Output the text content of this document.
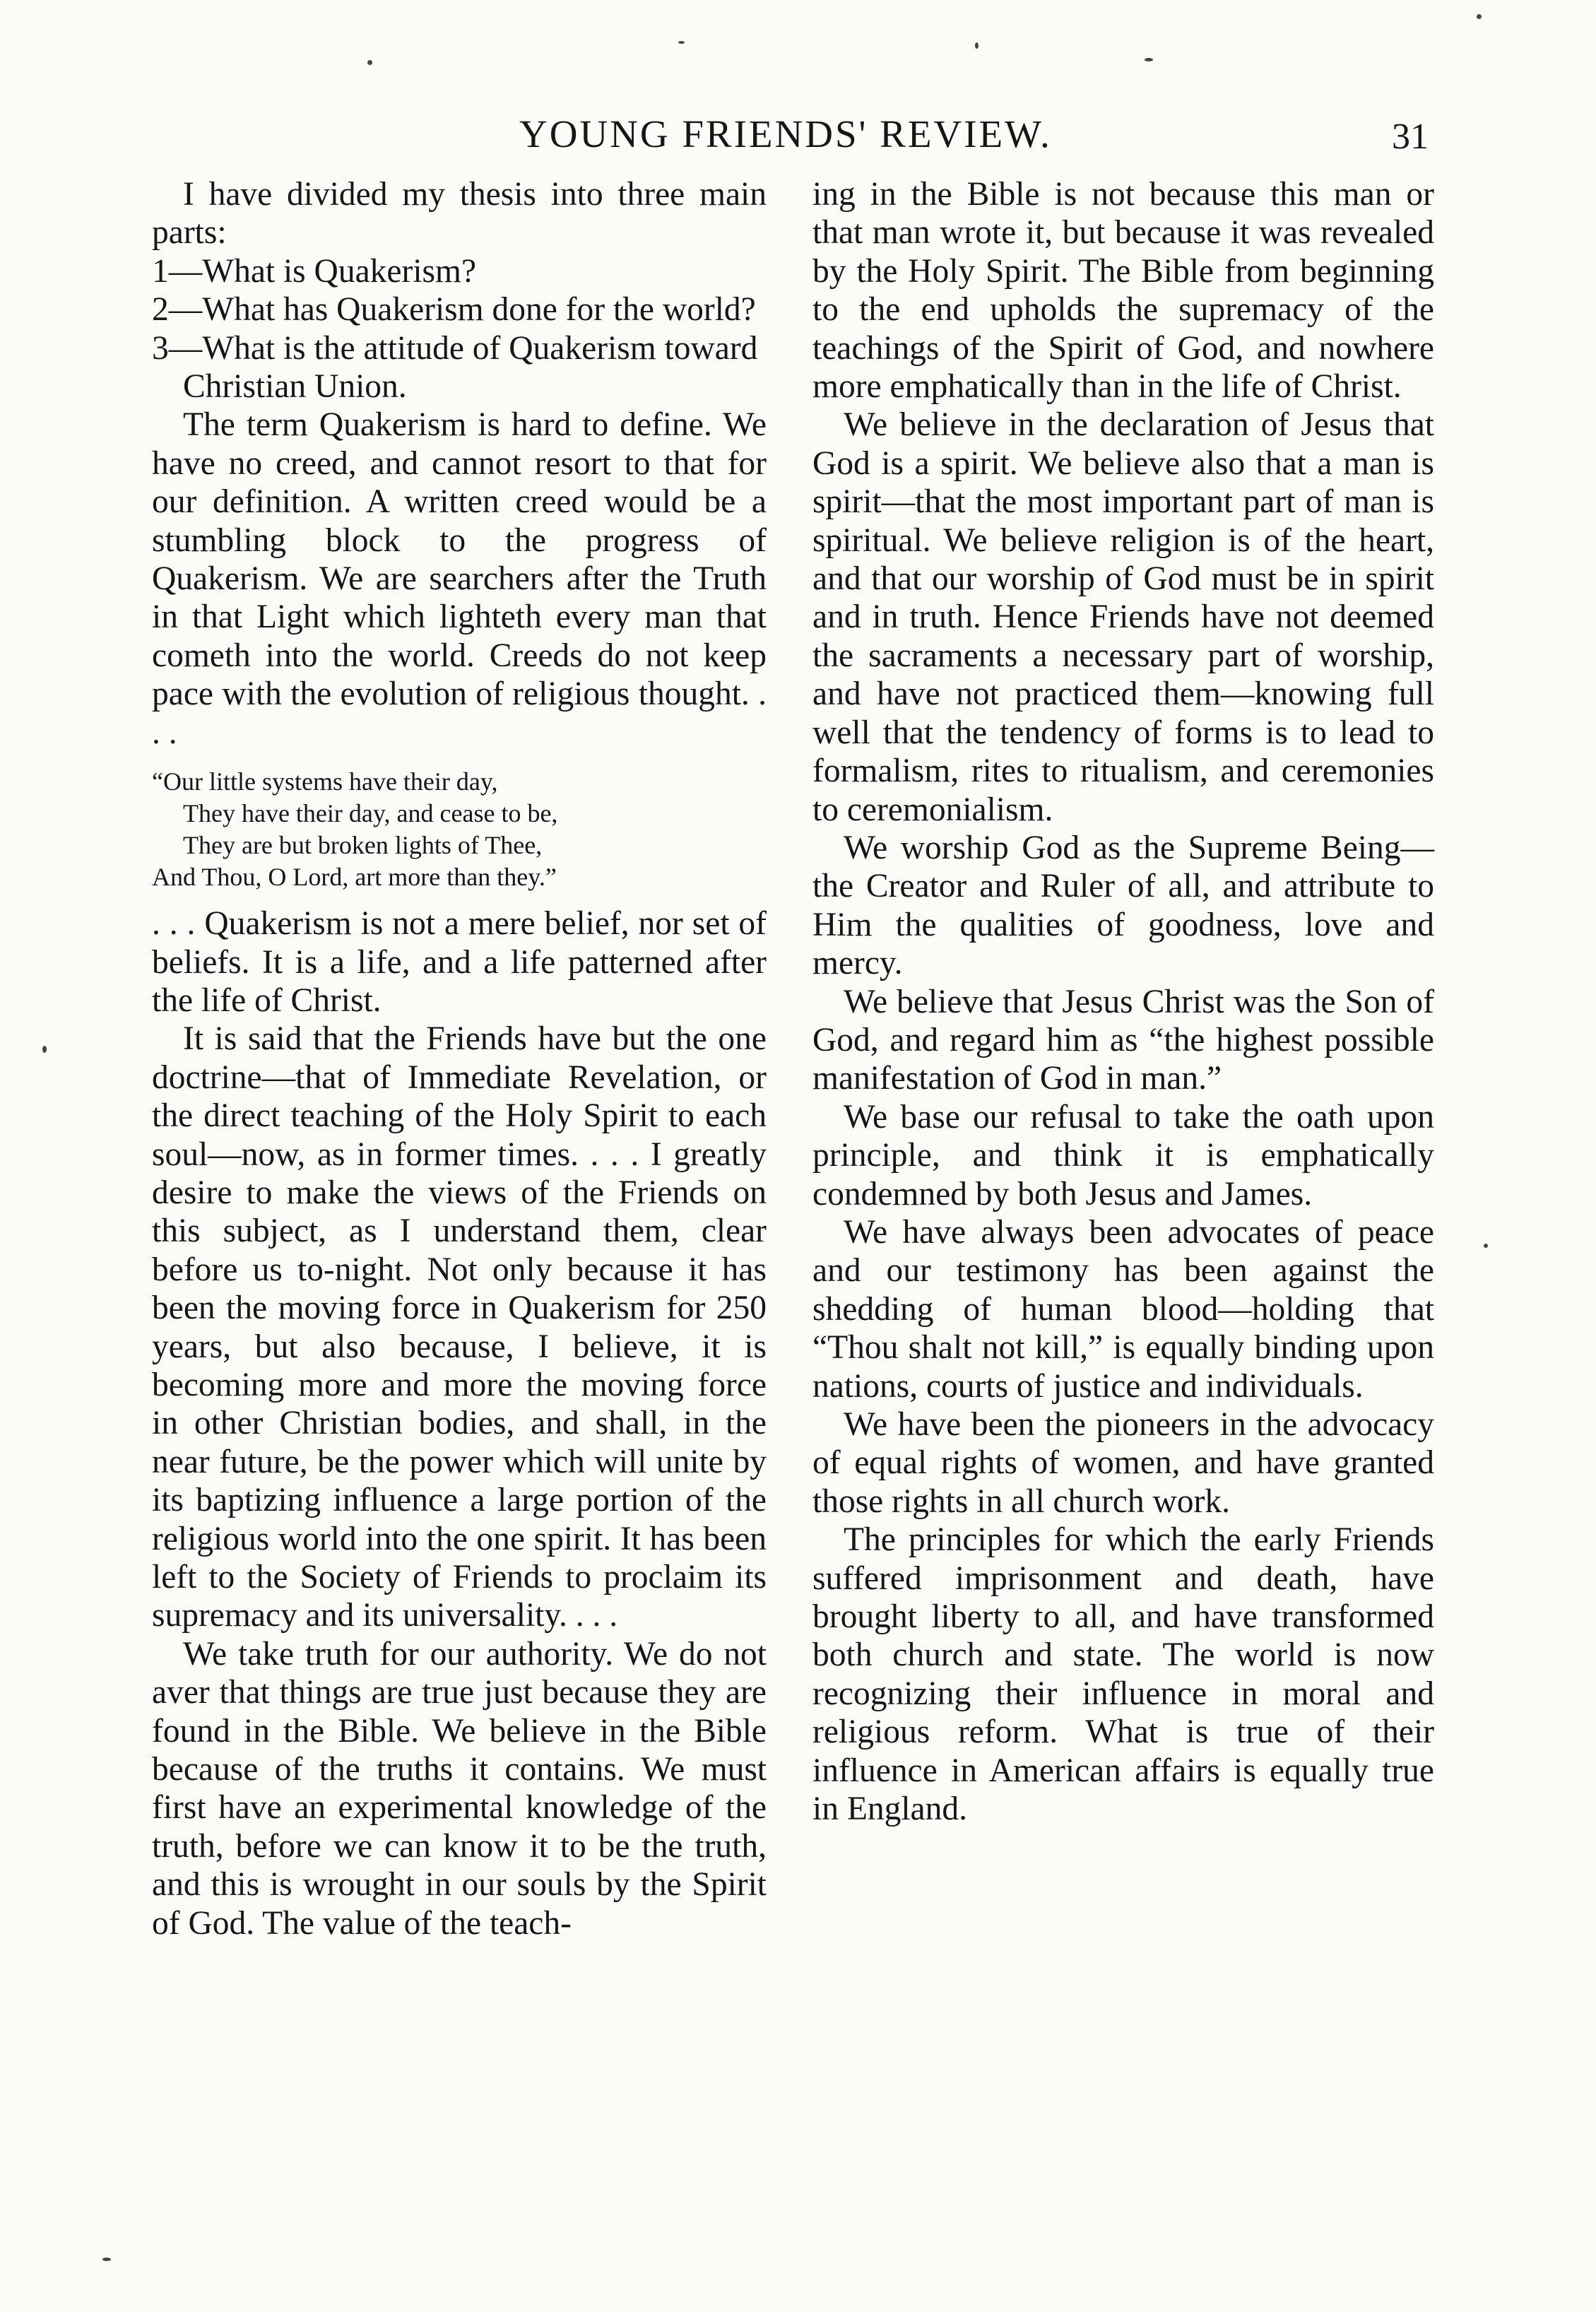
YOUNG FRIENDS' REVIEW.	31

I have divided my thesis into three main parts:

1—What is Quakerism?
2—What has Quakerism done for the world?
3—What is the attitude of Quakerism toward Christian Union.

The term Quakerism is hard to define. We have no creed, and cannot resort to that for our definition. A written creed would be a stumbling block to the progress of Quakerism. We are searchers after the Truth in that Light which lighteth every man that cometh into the world. Creeds do not keep pace with the evolution of religious thought. . . .

“Our little systems have their day,
They have their day, and cease to be,
They are but broken lights of Thee,
And Thou, O Lord, art more than they.”

. . . Quakerism is not a mere belief, nor set of beliefs. It is a life, and a life patterned after the life of Christ.

It is said that the Friends have but the one doctrine—that of Immediate Revelation, or the direct teaching of the Holy Spirit to each soul—now, as in former times. . . . I greatly desire to make the views of the Friends on this subject, as I understand them, clear before us to-night. Not only because it has been the moving force in Quakerism for 250 years, but also because, I believe, it is becoming more and more the moving force in other Christian bodies, and shall, in the near future, be the power which will unite by its baptizing influence a large portion of the religious world into the one spirit. It has been left to the Society of Friends to proclaim its supremacy and its universality. . . .

We take truth for our authority. We do not aver that things are true just because they are found in the Bible. We believe in the Bible because of the truths it contains. We must first have an experimental knowledge of the truth, before we can know it to be the truth, and this is wrought in our souls by the Spirit of God. The value of the teach-

ing in the Bible is not because this man or that man wrote it, but because it was revealed by the Holy Spirit. The Bible from beginning to the end upholds the supremacy of the teachings of the Spirit of God, and nowhere more emphatically than in the life of Christ.

We believe in the declaration of Jesus that God is a spirit. We believe also that a man is spirit—that the most important part of man is spiritual. We believe religion is of the heart, and that our worship of God must be in spirit and in truth. Hence Friends have not deemed the sacraments a necessary part of worship, and have not practiced them—knowing full well that the tendency of forms is to lead to formalism, rites to ritualism, and ceremonies to ceremonialism.

We worship God as the Supreme Being—the Creator and Ruler of all, and attribute to Him the qualities of goodness, love and mercy.

We believe that Jesus Christ was the Son of God, and regard him as “the highest possible manifestation of God in man.”

We base our refusal to take the oath upon principle, and think it is emphatically condemned by both Jesus and James.

We have always been advocates of peace and our testimony has been against the shedding of human blood—holding that “Thou shalt not kill,” is equally binding upon nations, courts of justice and individuals.

We have been the pioneers in the advocacy of equal rights of women, and have granted those rights in all church work.

The principles for which the early Friends suffered imprisonment and death, have brought liberty to all, and have transformed both church and state. The world is now recognizing their influence in moral and religious reform. What is true of their influence in American affairs is equally true in England.
